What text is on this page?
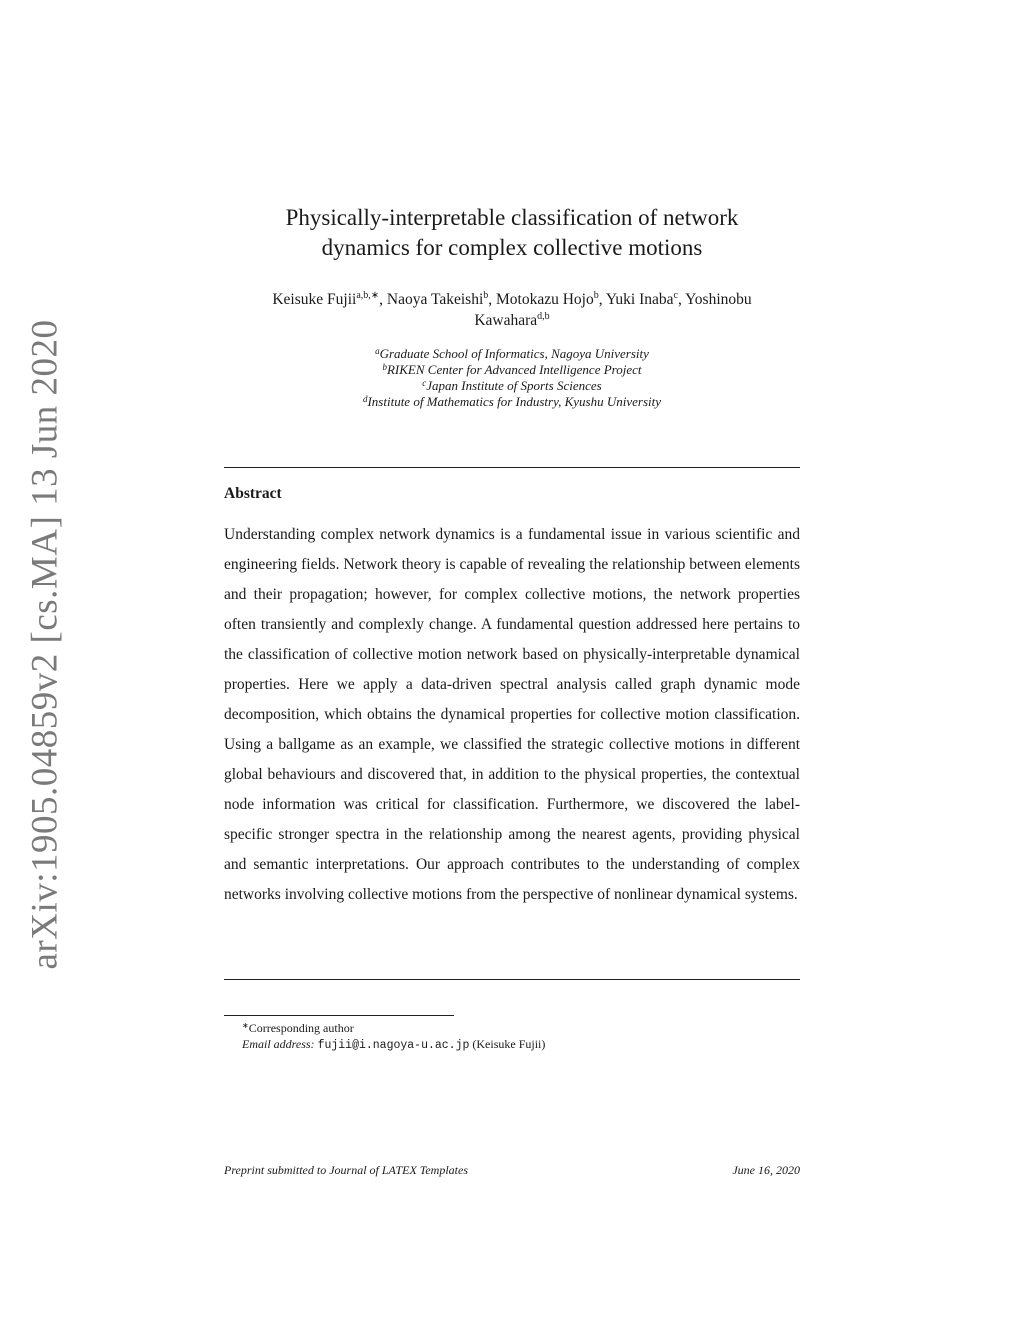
arXiv:1905.04859v2 [cs.MA] 13 Jun 2020
Physically-interpretable classification of network
dynamics for complex collective motions
Keisuke Fujii$^{a,b,∗}$, Naoya Takeishi$^b$, Motokazu Hojo$^b$, Yuki Inaba$^c$, Yoshinobu
Kawahara$^{d,b}$
$^a$Graduate School of Informatics, Nagoya University
$^b$RIKEN Center for Advanced Intelligence Project
$^c$Japan Institute of Sports Sciences
$^d$Institute of Mathematics for Industry, Kyushu University
Abstract

Understanding complex network dynamics is a fundamental issue in various scientific and engineering fields. Network theory is capable of revealing the relationship between elements and their propagation; however, for complex collective motions, the network properties often transiently and complexly change. A fundamental question addressed here pertains to the classification of collective motion network based on physically-interpretable dynamical properties. Here we apply a data-driven spectral analysis called graph dynamic mode decomposition, which obtains the dynamical properties for collective motion classification. Using a ballgame as an example, we classified the strategic collective motions in different global behaviours and discovered that, in addition to the physical properties, the contextual node information was critical for classification. Furthermore, we discovered the label-specific stronger spectra in the relationship among the nearest agents, providing physical and semantic interpretations. Our approach contributes to the understanding of complex networks involving collective motions from the perspective of nonlinear dynamical systems.

∗Corresponding author
Email address: fujii@i.nagoya-u.ac.jp (Keisuke Fujii)
Preprint submitted to Journal of LATEX Templates	June 16, 2020
